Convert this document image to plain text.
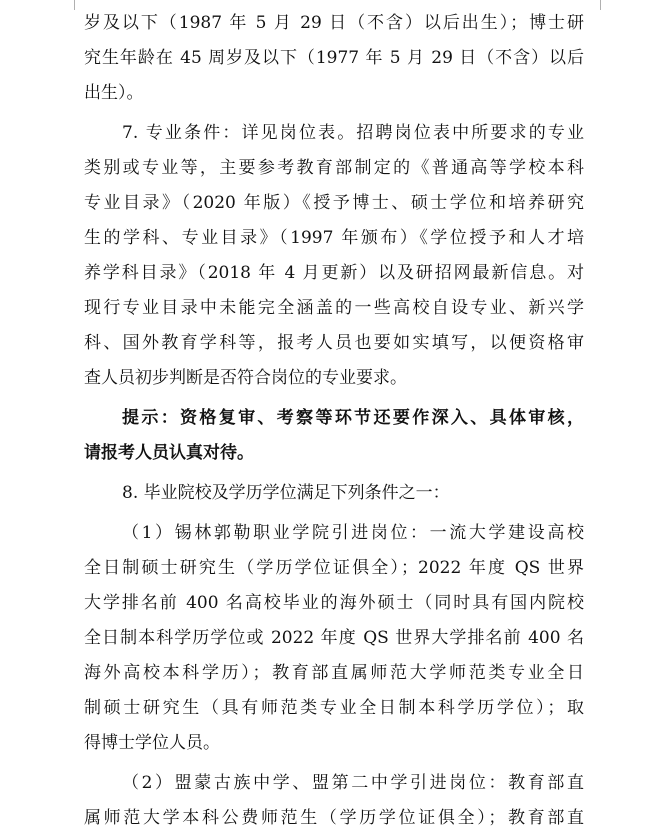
岁及以下（1987 年 5 月 29 日（不含）以后出生）；博士研
究生年龄在 45 周岁及以下（1977 年 5 月 29 日（不含）以后
出生）。
7. 专业条件：详见岗位表。招聘岗位表中所要求的专业
类别或专业等，主要参考教育部制定的《普通高等学校本科
专业目录》（2020 年版）《授予博士、硕士学位和培养研究
生的学科、专业目录》（1997 年颁布）《学位授予和人才培
养学科目录》（2018 年 4 月更新）以及研招网最新信息。对
现行专业目录中未能完全涵盖的一些高校自设专业、新兴学
科、国外教育学科等，报考人员也要如实填写，以便资格审
查人员初步判断是否符合岗位的专业要求。
提示：资格复审、考察等环节还要作深入、具体审核，
请报考人员认真对待。
8. 毕业院校及学历学位满足下列条件之一：
（1）锡林郭勒职业学院引进岗位：一流大学建设高校
全日制硕士研究生（学历学位证俱全）；2022 年度 QS 世界
大学排名前 400 名高校毕业的海外硕士（同时具有国内院校
全日制本科学历学位或 2022 年度 QS 世界大学排名前 400 名
海外高校本科学历）；教育部直属师范大学师范类专业全日
制硕士研究生（具有师范类专业全日制本科学历学位）；取
得博士学位人员。
（2）盟蒙古族中学、盟第二中学引进岗位：教育部直
属师范大学本科公费师范生（学历学位证俱全）；教育部直
